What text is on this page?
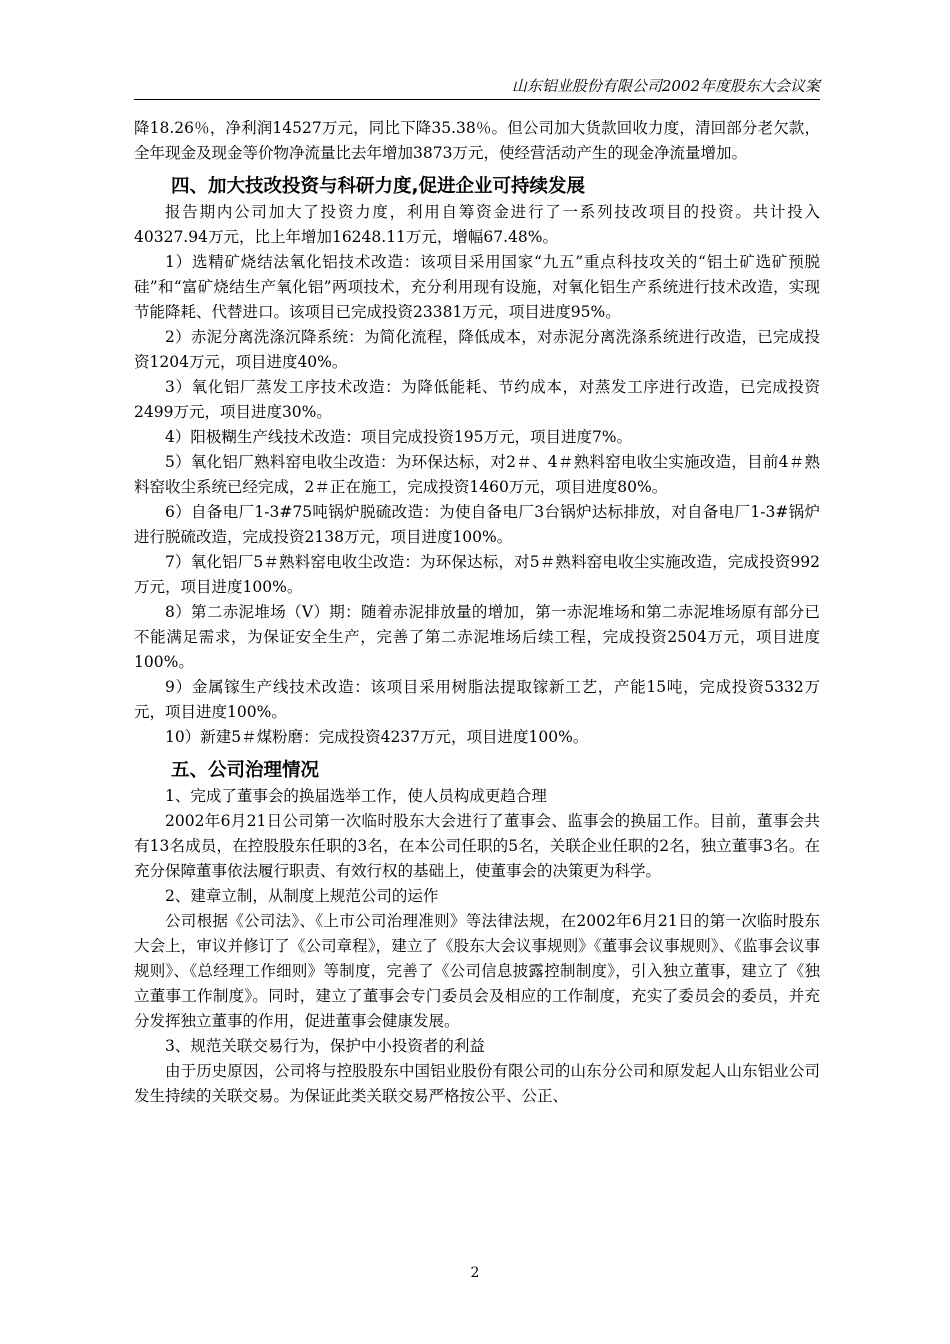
山东铝业股份有限公司2002年度股东大会议案

降18.26％，净利润14527万元，同比下降35.38％。但公司加大货款回收力度，清回部分老欠款，全年现金及现金等价物净流量比去年增加3873万元，使经营活动产生的现金净流量增加。

四、加大技改投资与科研力度,促进企业可持续发展

报告期内公司加大了投资力度，利用自筹资金进行了一系列技改项目的投资。共计投入40327.94万元，比上年增加16248.11万元，增幅67.48%。

1）选精矿烧结法氧化铝技术改造：该项目采用国家“九五”重点科技攻关的“铝土矿选矿预脱硅”和“富矿烧结生产氧化铝”两项技术，充分利用现有设施，对氧化铝生产系统进行技术改造，实现节能降耗、代替进口。该项目已完成投资23381万元，项目进度95%。

2）赤泥分离洗涤沉降系统：为简化流程，降低成本，对赤泥分离洗涤系统进行改造，已完成投资1204万元，项目进度40%。

3）氧化铝厂蒸发工序技术改造：为降低能耗、节约成本，对蒸发工序进行改造，已完成投资2499万元，项目进度30%。

4）阳极糊生产线技术改造：项目完成投资195万元，项目进度7%。

5）氧化铝厂熟料窑电收尘改造：为环保达标，对2＃、4＃熟料窑电收尘实施改造，目前4＃熟料窑收尘系统已经完成，2＃正在施工，完成投资1460万元，项目进度80%。

6）自备电厂1-3#75吨锅炉脱硫改造：为使自备电厂3台锅炉达标排放，对自备电厂1-3#锅炉进行脱硫改造，完成投资2138万元，项目进度100%。

7）氧化铝厂5＃熟料窑电收尘改造：为环保达标，对5＃熟料窑电收尘实施改造，完成投资992万元，项目进度100%。

8）第二赤泥堆场（V）期：随着赤泥排放量的增加，第一赤泥堆场和第二赤泥堆场原有部分已不能满足需求，为保证安全生产，完善了第二赤泥堆场后续工程，完成投资2504万元，项目进度100%。

9）金属镓生产线技术改造：该项目采用树脂法提取镓新工艺，产能15吨，完成投资5332万元，项目进度100%。

10）新建5＃煤粉磨：完成投资4237万元，项目进度100%。

五、公司治理情况

1、完成了董事会的换届选举工作，使人员构成更趋合理

2002年6月21日公司第一次临时股东大会进行了董事会、监事会的换届工作。目前，董事会共有13名成员，在控股股东任职的3名，在本公司任职的5名，关联企业任职的2名，独立董事3名。在充分保障董事依法履行职责、有效行权的基础上，使董事会的决策更为科学。

2、建章立制，从制度上规范公司的运作

公司根据《公司法》、《上市公司治理准则》等法律法规，在2002年6月21日的第一次临时股东大会上，审议并修订了《公司章程》，建立了《股东大会议事规则》《董事会议事规则》、《监事会议事规则》、《总经理工作细则》等制度，完善了《公司信息披露控制制度》，引入独立董事，建立了《独立董事工作制度》。同时，建立了董事会专门委员会及相应的工作制度，充实了委员会的委员，并充分发挥独立董事的作用，促进董事会健康发展。

3、规范关联交易行为，保护中小投资者的利益

由于历史原因，公司将与控股股东中国铝业股份有限公司的山东分公司和原发起人山东铝业公司发生持续的关联交易。为保证此类关联交易严格按公平、公正、

2
